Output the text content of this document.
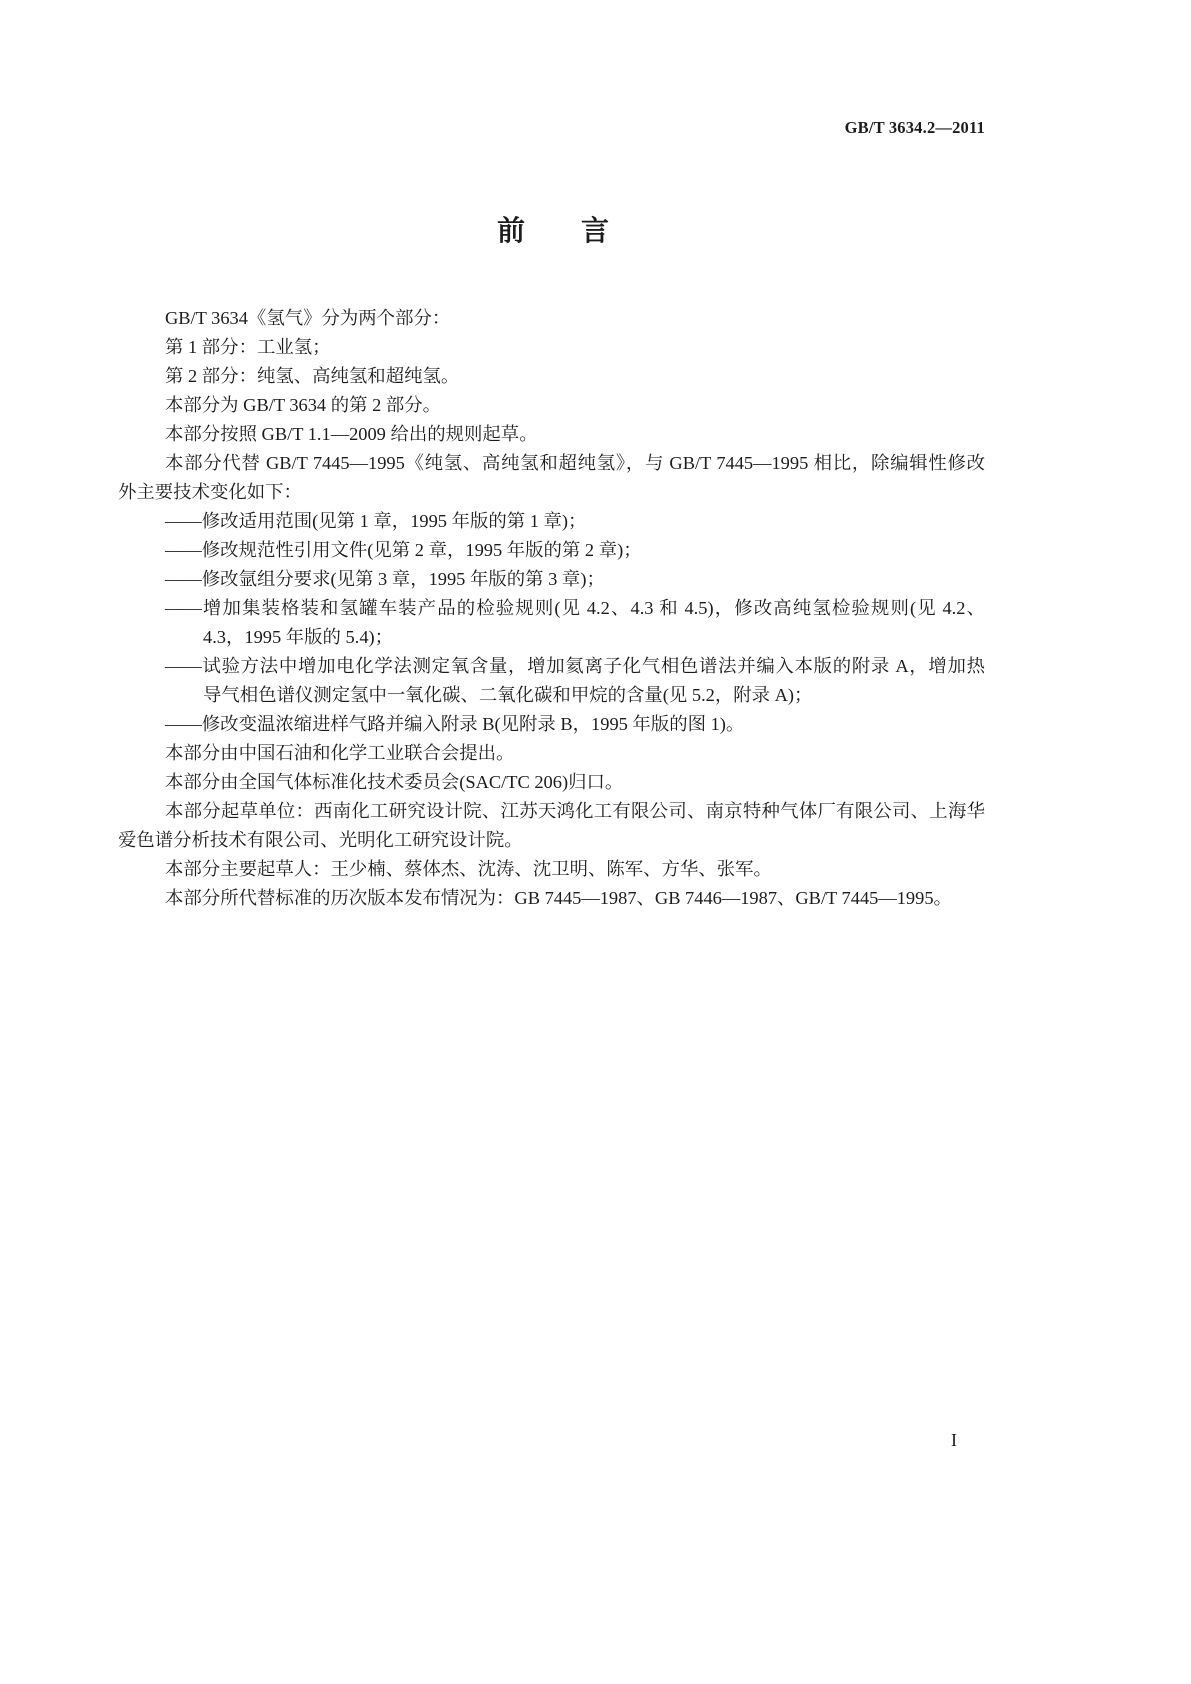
GB/T 3634.2—2011
前　　言
GB/T 3634《氢气》分为两个部分：
第 1 部分：工业氢；
第 2 部分：纯氢、高纯氢和超纯氢。
本部分为 GB/T 3634 的第 2 部分。
本部分按照 GB/T 1.1—2009 给出的规则起草。
本部分代替 GB/T 7445—1995《纯氢、高纯氢和超纯氢》，与 GB/T 7445—1995 相比，除编辑性修改
外主要技术变化如下：
——修改适用范围(见第 1 章，1995 年版的第 1 章)；
——修改规范性引用文件(见第 2 章，1995 年版的第 2 章)；
——修改氩组分要求(见第 3 章，1995 年版的第 3 章)；
——增加集装格装和氢罐车装产品的检验规则(见 4.2、4.3 和 4.5)，修改高纯氢检验规则(见 4.2、
4.3，1995 年版的 5.4)；
——试验方法中增加电化学法测定氧含量，增加氦离子化气相色谱法并编入本版的附录 A，增加热
导气相色谱仪测定氢中一氧化碳、二氧化碳和甲烷的含量(见 5.2，附录 A)；
——修改变温浓缩进样气路并编入附录 B(见附录 B，1995 年版的图 1)。
本部分由中国石油和化学工业联合会提出。
本部分由全国气体标准化技术委员会(SAC/TC 206)归口。
本部分起草单位：西南化工研究设计院、江苏天鸿化工有限公司、南京特种气体厂有限公司、上海华
爱色谱分析技术有限公司、光明化工研究设计院。
本部分主要起草人：王少楠、蔡体杰、沈涛、沈卫明、陈军、方华、张军。
本部分所代替标准的历次版本发布情况为：GB 7445—1987、GB 7446—1987、GB/T 7445—1995。
I
